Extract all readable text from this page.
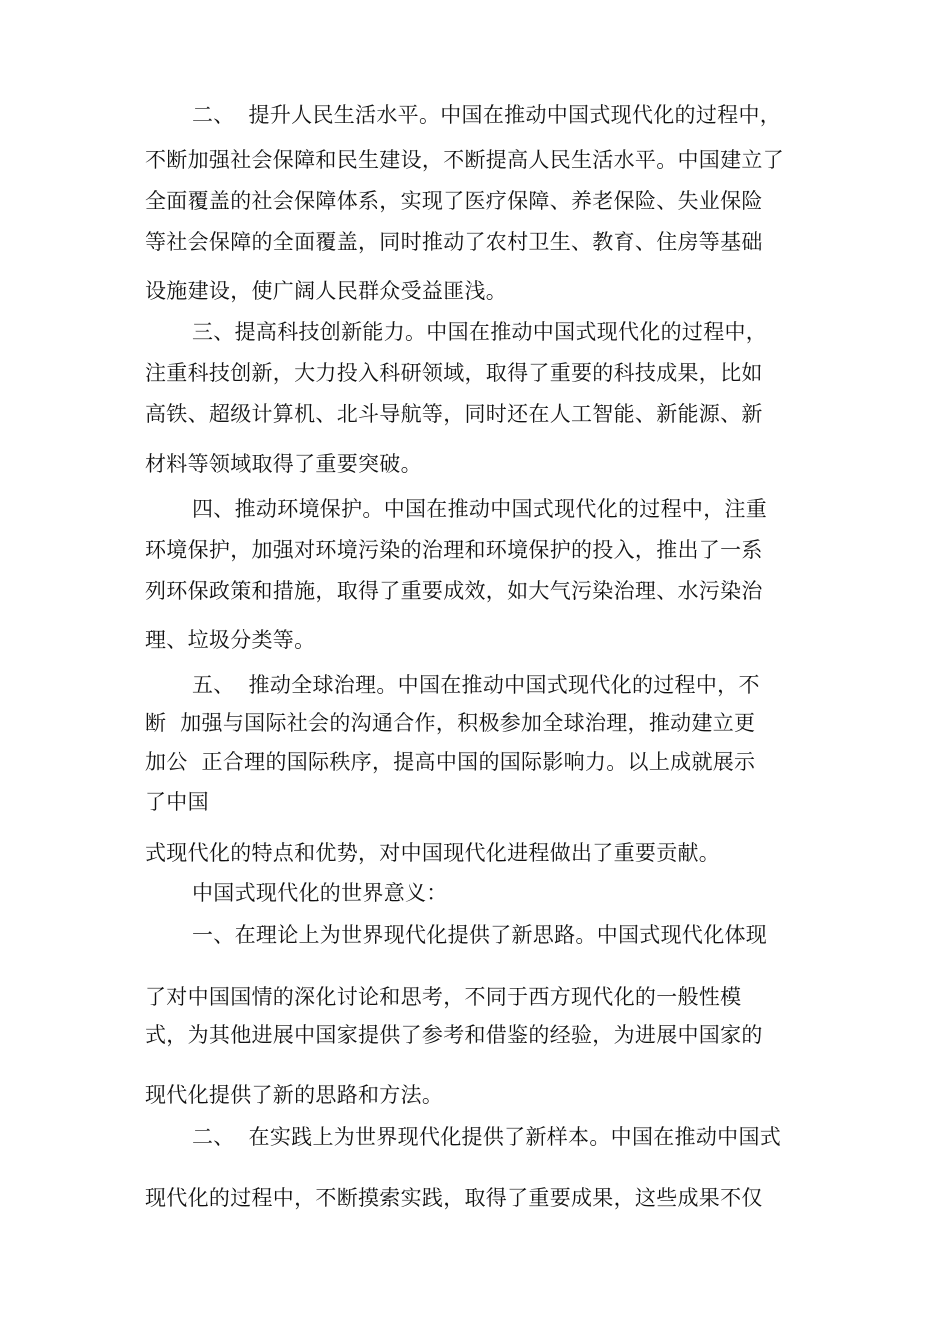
二、  提升人民生活水平。中国在推动中国式现代化的过程中，
不断加强社会保障和民生建设，不断提高人民生活水平。中国建立了
全面覆盖的社会保障体系，实现了医疗保障、养老保险、失业保险
等社会保障的全面覆盖，同时推动了农村卫生、教育、住房等基础
设施建设，使广阔人民群众受益匪浅。
三、提高科技创新能力。中国在推动中国式现代化的过程中，
注重科技创新，大力投入科研领域，取得了重要的科技成果，比如
高铁、超级计算机、北斗导航等，同时还在人工智能、新能源、新
材料等领域取得了重要突破。
四、推动环境保护。中国在推动中国式现代化的过程中，注重
环境保护，加强对环境污染的治理和环境保护的投入，推出了一系
列环保政策和措施，取得了重要成效，如大气污染治理、水污染治
理、垃圾分类等。
五、  推动全球治理。中国在推动中国式现代化的过程中，不
断  加强与国际社会的沟通合作，积极参加全球治理，推动建立更
加公  正合理的国际秩序，提高中国的国际影响力。以上成就展示
了中国
式现代化的特点和优势，对中国现代化进程做出了重要贡献。
中国式现代化的世界意义：
一、在理论上为世界现代化提供了新思路。中国式现代化体现
了对中国国情的深化讨论和思考，不同于西方现代化的一般性模
式，为其他进展中国家提供了参考和借鉴的经验，为进展中国家的
现代化提供了新的思路和方法。
二、  在实践上为世界现代化提供了新样本。中国在推动中国式
现代化的过程中，不断摸索实践，取得了重要成果，这些成果不仅
